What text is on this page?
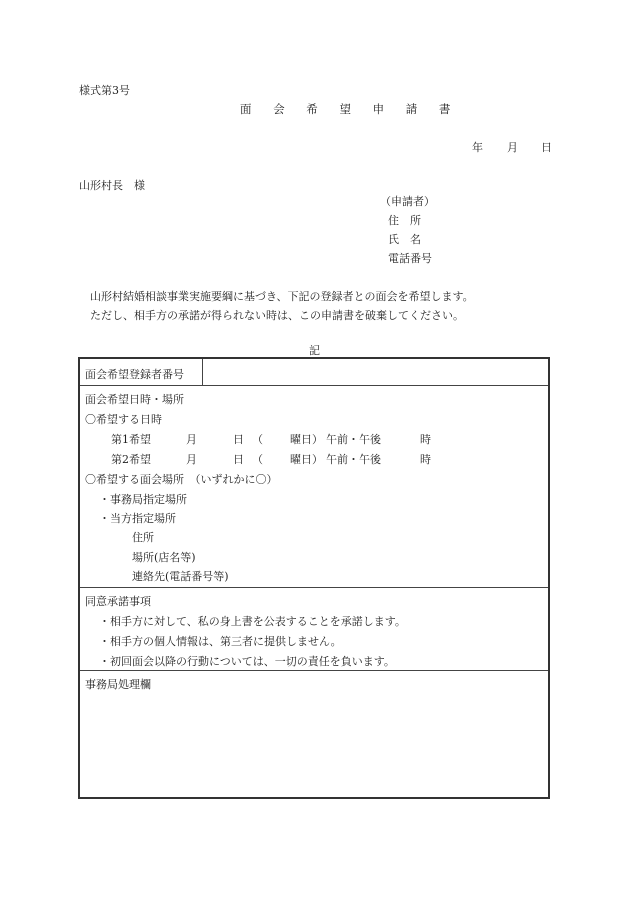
様式第3号
面 会 希 望 申 請 書
年 月 日
山形村長　様
（申請者）
住　所
氏　名
電話番号
山形村結婚相談事業実施要綱に基づき、下記の登録者との面会を希望します。
ただし、相手方の承諾が得られない時は、この申請書を破棄してください。
記
面会希望登録者番号
面会希望日時・場所
〇希望する日時
第1希望	月	日 （ 曜日） 午前・午後	時
第2希望	月	日 （ 曜日） 午前・午後	時
〇希望する面会場所　（いずれかに〇）
・事務局指定場所
・当方指定場所
住所
場所(店名等)
連絡先(電話番号等)
同意承諾事項
・相手方に対して、私の身上書を公表することを承諾します。
・相手方の個人情報は、第三者に提供しません。
・初回面会以降の行動については、一切の責任を負います。
事務局処理欄
